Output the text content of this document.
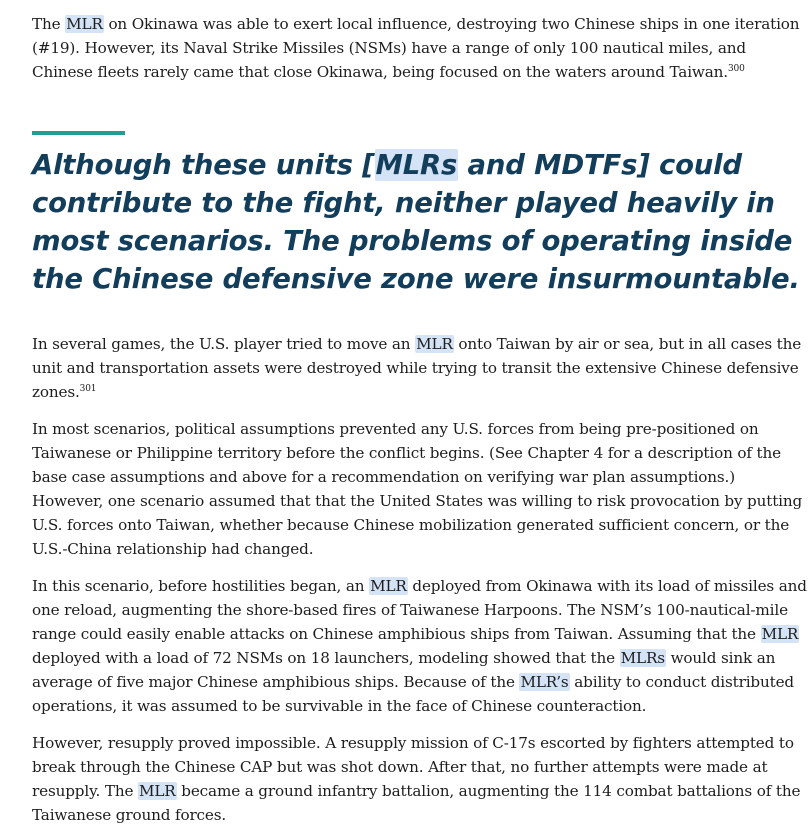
The MLR on Okinawa was able to exert local influence, destroying two Chinese ships in one iteration (#19). However, its Naval Strike Missiles (NSMs) have a range of only 100 nautical miles, and Chinese fleets rarely came that close Okinawa, being focused on the waters around Taiwan.$^{300}$

Although these units [MLRs and MDTFs] could contribute to the fight, neither played heavily in most scenarios. The problems of operating inside the Chinese defensive zone were insurmountable.

In several games, the U.S. player tried to move an MLR onto Taiwan by air or sea, but in all cases the unit and transportation assets were destroyed while trying to transit the extensive Chinese defensive zones.$^{301}$

In most scenarios, political assumptions prevented any U.S. forces from being pre-positioned on Taiwanese or Philippine territory before the conflict begins. (See Chapter 4 for a description of the base case assumptions and above for a recommendation on verifying war plan assumptions.) However, one scenario assumed that that the United States was willing to risk provocation by putting U.S. forces onto Taiwan, whether because Chinese mobilization generated sufficient concern, or the U.S.-China relationship had changed.

In this scenario, before hostilities began, an MLR deployed from Okinawa with its load of missiles and one reload, augmenting the shore-based fires of Taiwanese Harpoons. The NSM’s 100-nautical-mile range could easily enable attacks on Chinese amphibious ships from Taiwan. Assuming that the MLR deployed with a load of 72 NSMs on 18 launchers, modeling showed that the MLRs would sink an average of five major Chinese amphibious ships. Because of the MLR’s ability to conduct distributed operations, it was assumed to be survivable in the face of Chinese counteraction.

However, resupply proved impossible. A resupply mission of C-17s escorted by fighters attempted to break through the Chinese CAP but was shot down. After that, no further attempts were made at resupply. The MLR became a ground infantry battalion, augmenting the 114 combat battalions of the Taiwanese ground forces.
